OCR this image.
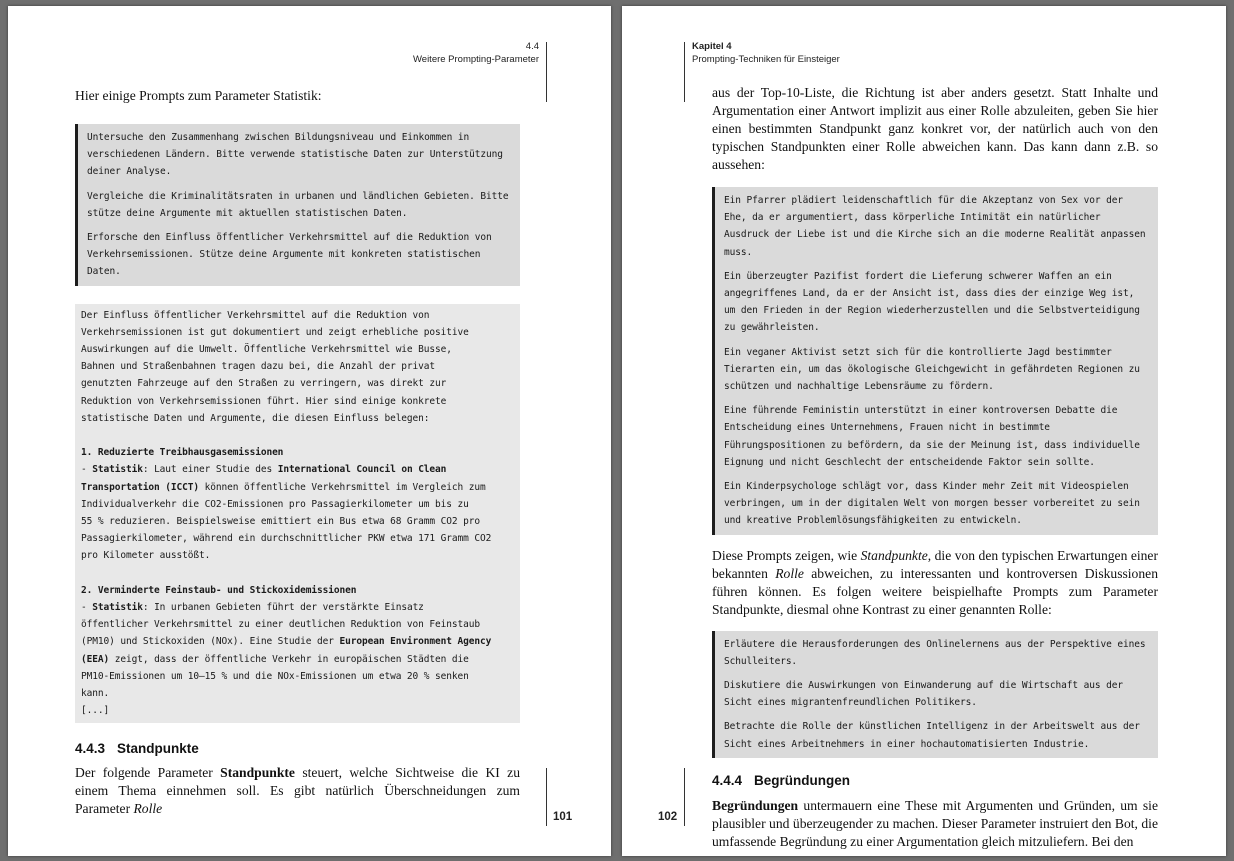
4.4
Weitere Prompting-Parameter
101

Hier einige Prompts zum Parameter Statistik:

Untersuche den Zusammenhang zwischen Bildungsniveau und Einkommen in
verschiedenen Ländern. Bitte verwende statistische Daten zur Unterstützung
deiner Analyse.

Vergleiche die Kriminalitätsraten in urbanen und ländlichen Gebieten. Bitte
stütze deine Argumente mit aktuellen statistischen Daten.

Erforsche den Einfluss öffentlicher Verkehrsmittel auf die Reduktion von
Verkehrsemissionen. Stütze deine Argumente mit konkreten statistischen
Daten.

Der Einfluss öffentlicher Verkehrsmittel auf die Reduktion von
Verkehrsemissionen ist gut dokumentiert und zeigt erhebliche positive
Auswirkungen auf die Umwelt. Öffentliche Verkehrsmittel wie Busse,
Bahnen und Straßenbahnen tragen dazu bei, die Anzahl der privat
genutzten Fahrzeuge auf den Straßen zu verringern, was direkt zur
Reduktion von Verkehrsemissionen führt. Hier sind einige konkrete
statistische Daten und Argumente, die diesen Einfluss belegen:

1. Reduzierte Treibhausgasemissionen
- Statistik: Laut einer Studie des International Council on Clean
Transportation (ICCT) können öffentliche Verkehrsmittel im Vergleich zum
Individualverkehr die CO2-Emissionen pro Passagierkilometer um bis zu
55 % reduzieren. Beispielsweise emittiert ein Bus etwa 68 Gramm CO2 pro
Passagierkilometer, während ein durchschnittlicher PKW etwa 171 Gramm CO2
pro Kilometer ausstößt.

2. Verminderte Feinstaub- und Stickoxidemissionen
- Statistik: In urbanen Gebieten führt der verstärkte Einsatz
öffentlicher Verkehrsmittel zu einer deutlichen Reduktion von Feinstaub
(PM10) und Stickoxiden (NOx). Eine Studie der European Environment Agency
(EEA) zeigt, dass der öffentliche Verkehr in europäischen Städten die
PM10-Emissionen um 10–15 % und die NOx-Emissionen um etwa 20 % senken
kann.
[...]
4.4.3 Standpunkte

Der folgende Parameter Standpunkte steuert, welche Sichtweise die KI zu einem Thema einnehmen soll. Es gibt natürlich Überschneidungen zum Parameter Rolle

Kapitel 4
Prompting-Techniken für Einsteiger
102

aus der Top-10-Liste, die Richtung ist aber anders gesetzt. Statt Inhalte und Argumentation einer Antwort implizit aus einer Rolle abzuleiten, geben Sie hier einen bestimmten Standpunkt ganz konkret vor, der natürlich auch von den typischen Standpunkten einer Rolle abweichen kann. Das kann dann z.B. so aussehen:

Ein Pfarrer plädiert leidenschaftlich für die Akzeptanz von Sex vor der
Ehe, da er argumentiert, dass körperliche Intimität ein natürlicher
Ausdruck der Liebe ist und die Kirche sich an die moderne Realität anpassen
muss.

Ein überzeugter Pazifist fordert die Lieferung schwerer Waffen an ein
angegriffenes Land, da er der Ansicht ist, dass dies der einzige Weg ist,
um den Frieden in der Region wiederherzustellen und die Selbstverteidigung
zu gewährleisten.

Ein veganer Aktivist setzt sich für die kontrollierte Jagd bestimmter
Tierarten ein, um das ökologische Gleichgewicht in gefährdeten Regionen zu
schützen und nachhaltige Lebensräume zu fördern.

Eine führende Feministin unterstützt in einer kontroversen Debatte die
Entscheidung eines Unternehmens, Frauen nicht in bestimmte
Führungspositionen zu befördern, da sie der Meinung ist, dass individuelle
Eignung und nicht Geschlecht der entscheidende Faktor sein sollte.

Ein Kinderpsychologe schlägt vor, dass Kinder mehr Zeit mit Videospielen
verbringen, um in der digitalen Welt von morgen besser vorbereitet zu sein
und kreative Problemlösungsfähigkeiten zu entwickeln.

Diese Prompts zeigen, wie Standpunkte, die von den typischen Erwartungen einer bekannten Rolle abweichen, zu interessanten und kontroversen Diskussionen führen können. Es folgen weitere beispielhafte Prompts zum Parameter Standpunkte, diesmal ohne Kontrast zu einer genannten Rolle:

Erläutere die Herausforderungen des Onlinelernens aus der Perspektive eines
Schulleiters.

Diskutiere die Auswirkungen von Einwanderung auf die Wirtschaft aus der
Sicht eines migrantenfreundlichen Politikers.

Betrachte die Rolle der künstlichen Intelligenz in der Arbeitswelt aus der
Sicht eines Arbeitnehmers in einer hochautomatisierten Industrie.

4.4.4 Begründungen

Begründungen untermauern eine These mit Argumenten und Gründen, um sie plausibler und überzeugender zu machen. Dieser Parameter instruiert den Bot, die umfassende Begründung zu einer Argumentation gleich mitzuliefern. Bei den
